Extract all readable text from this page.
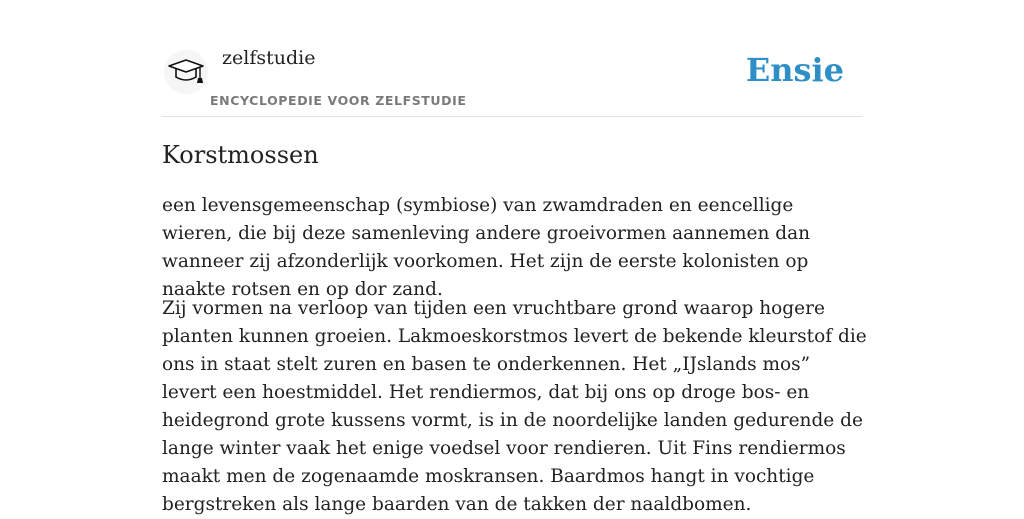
zelfstudie
ENCYCLOPEDIE VOOR ZELFSTUDIE
Ensie
Korstmossen

een levensgemeenschap (symbiose) van zwamdraden en eencellige wieren, die bij deze samenleving andere groeivormen aannemen dan wanneer zij afzonderlijk voorkomen. Het zijn de eerste kolonisten op naakte rotsen en op dor zand.

Zij vormen na verloop van tijden een vruchtbare grond waarop hogere planten kunnen groeien. Lakmoeskorstmos levert de bekende kleurstof die ons in staat stelt zuren en basen te onderkennen. Het „IJslands mos” levert een hoestmiddel. Het rendiermos, dat bij ons op droge bos- en heidegrond grote kussens vormt, is in de noordelijke landen gedurende de lange winter vaak het enige voedsel voor rendieren. Uit Fins rendiermos maakt men de zogenaamde moskransen. Baardmos hangt in vochtige bergstreken als lange baarden van de takken der naaldbomen.
